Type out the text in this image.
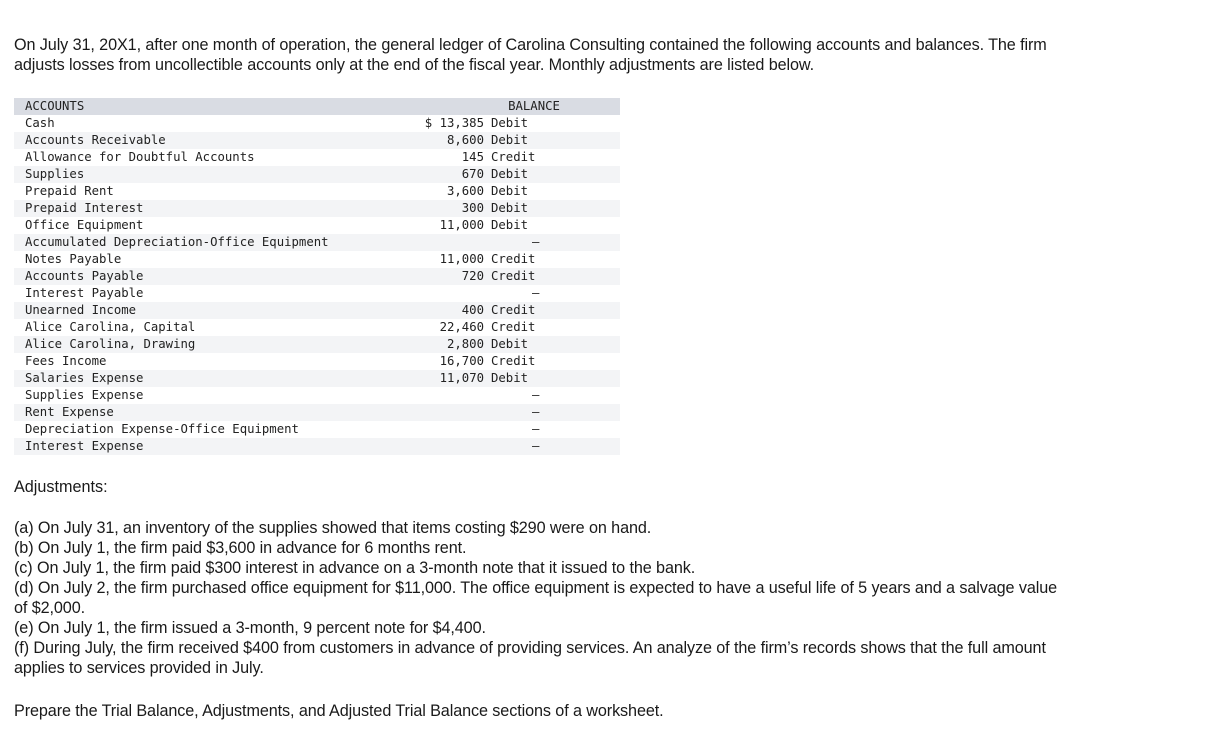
On July 31, 20X1, after one month of operation, the general ledger of Carolina Consulting contained the following accounts and balances. The firm adjusts losses from uncollectible accounts only at the end of the fiscal year. Monthly adjustments are listed below.

ACCOUNTS	BALANCE
Cash	$ 13,385 Debit
Accounts Receivable	8,600 Debit
Allowance for Doubtful Accounts	145 Credit
Supplies	670 Debit
Prepaid Rent	3,600 Debit
Prepaid Interest	300 Debit
Office Equipment	11,000 Debit
Accumulated Depreciation-Office Equipment	–
Notes Payable	11,000 Credit
Accounts Payable	720 Credit
Interest Payable	–
Unearned Income	400 Credit
Alice Carolina, Capital	22,460 Credit
Alice Carolina, Drawing	2,800 Debit
Fees Income	16,700 Credit
Salaries Expense	11,070 Debit
Supplies Expense	–
Rent Expense	–
Depreciation Expense-Office Equipment	–
Interest Expense	–

Adjustments:

(a) On July 31, an inventory of the supplies showed that items costing $290 were on hand.
(b) On July 1, the firm paid $3,600 in advance for 6 months rent.
(c) On July 1, the firm paid $300 interest in advance on a 3-month note that it issued to the bank.
(d) On July 2, the firm purchased office equipment for $11,000. The office equipment is expected to have a useful life of 5 years and a salvage value of $2,000.
(e) On July 1, the firm issued a 3-month, 9 percent note for $4,400.
(f) During July, the firm received $400 from customers in advance of providing services. An analyze of the firm’s records shows that the full amount applies to services provided in July.

Prepare the Trial Balance, Adjustments, and Adjusted Trial Balance sections of a worksheet.
